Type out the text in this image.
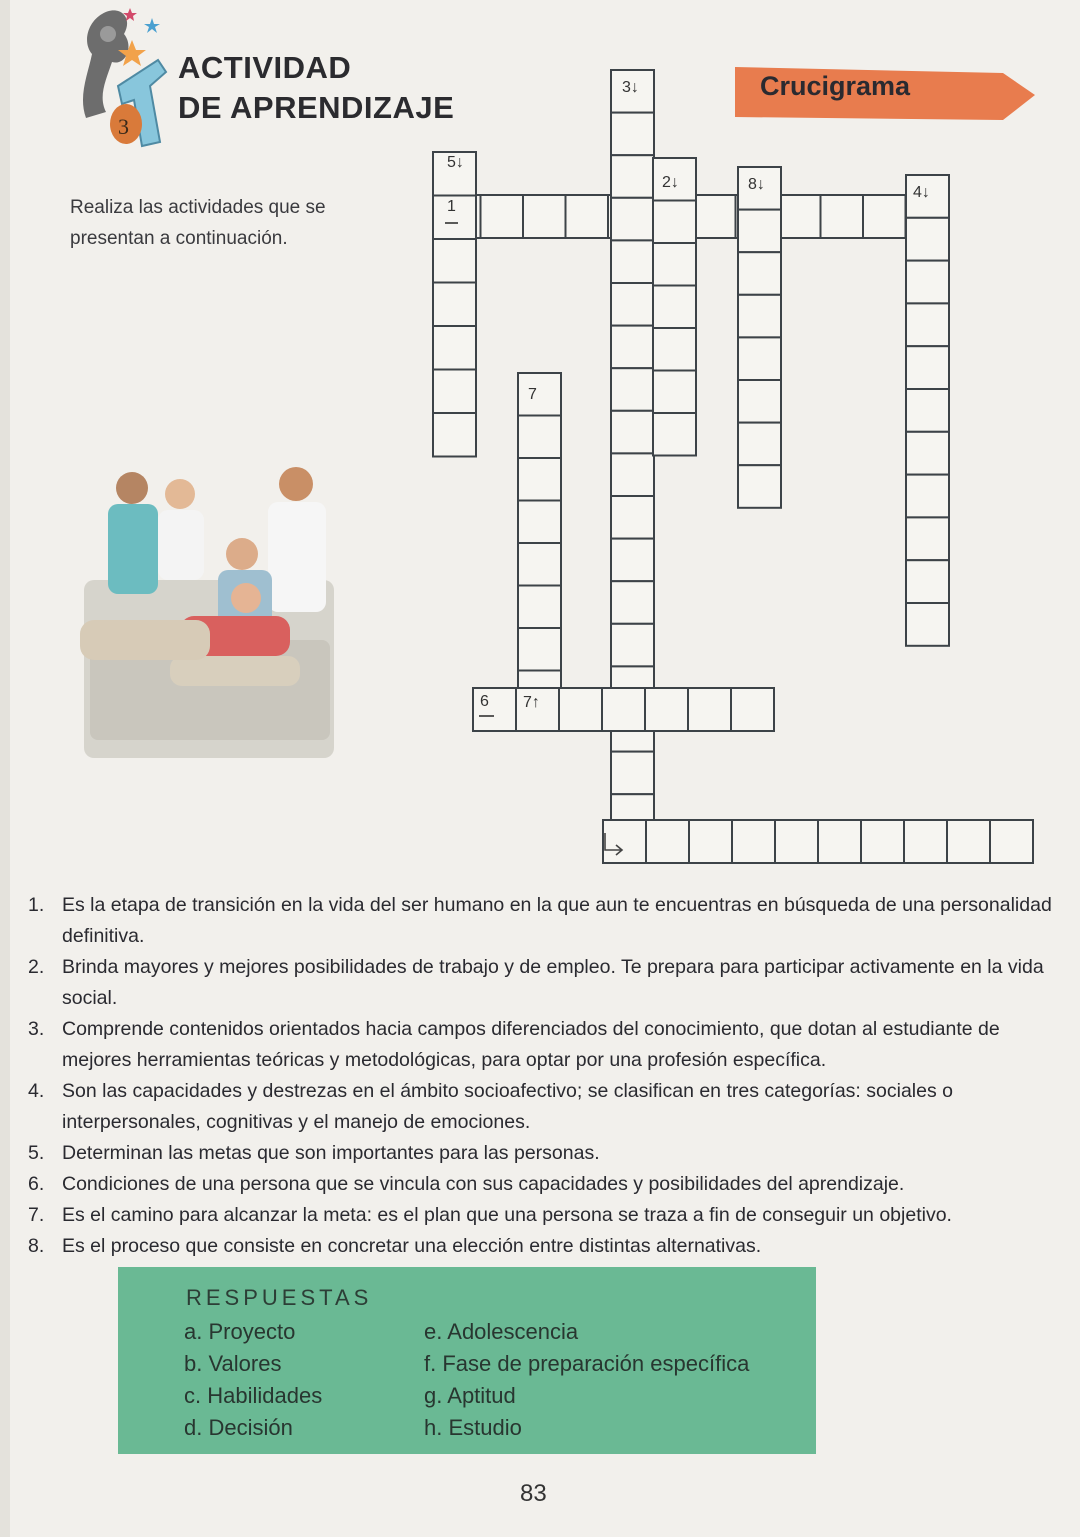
3
ACTIVIDAD
DE APRENDIZAJE
Crucigrama
Realiza las actividades que se presentan a continuación.
3↓
5↓
2↓	8↓	4↓
1
7
6 7↑
1. Es la etapa de transición en la vida del ser humano en la que aun te encuentras en búsqueda de una personalidad definitiva.
2. Brinda mayores y mejores posibilidades de trabajo y de empleo. Te prepara para participar activamente en la vida social.
3. Comprende contenidos orientados hacia campos diferenciados del conocimiento, que dotan al estudiante de mejores herramientas teóricas y metodológicas, para optar por una profesión específica.
4. Son las capacidades y destrezas en el ámbito socioafectivo; se clasifican en tres categorías: sociales o interpersonales, cognitivas y el manejo de emociones.
5. Determinan las metas que son importantes para las personas.
6. Condiciones de una persona que se vincula con sus capacidades y posibilidades del aprendizaje.
7. Es el camino para alcanzar la meta: es el plan que una persona se traza a fin de conseguir un objetivo.
8. Es el proceso que consiste en concretar una elección entre distintas alternativas.
RESPUESTAS
a. Proyecto
b. Valores
c. Habilidades
d. Decisión
e. Adolescencia
f. Fase de preparación específica
g. Aptitud
h. Estudio
83
